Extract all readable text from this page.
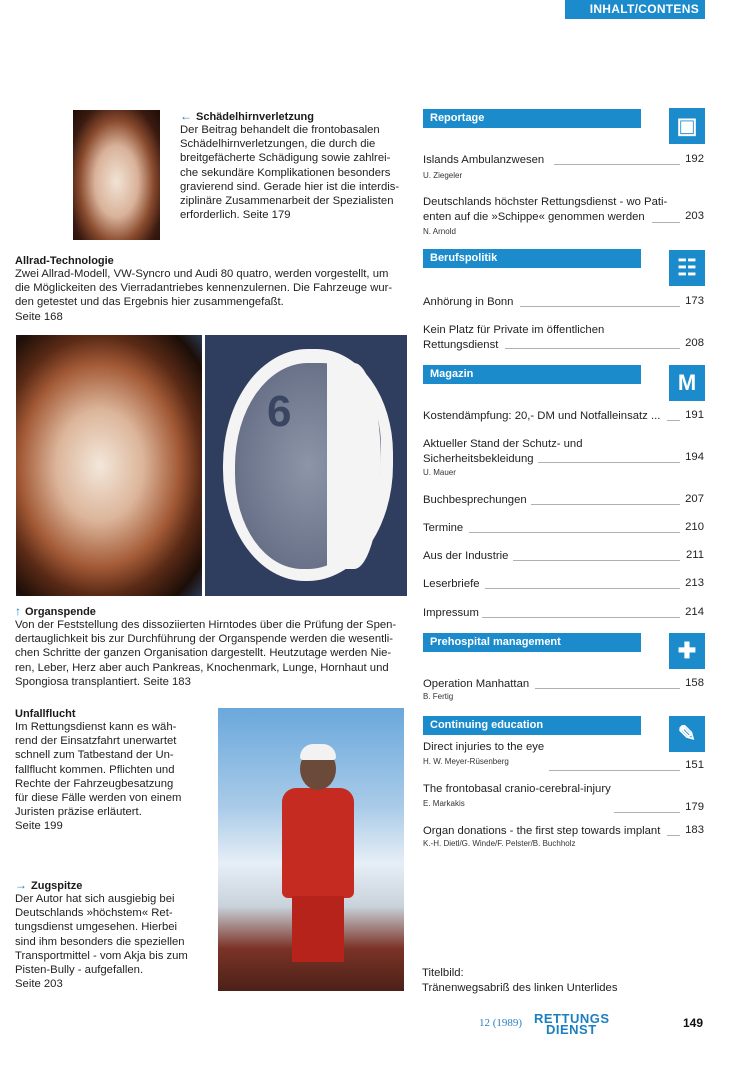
INHALT/CONTENS
← Schädelhirnverletzung
Der Beitrag behandelt die frontobasalen
Schädelhirnverletzungen, die durch die
breitgefächerte Schädigung sowie zahlrei-
che sekundäre Komplikationen besonders
gravierend sind. Gerade hier ist die interdis-
ziplinäre Zusammenarbeit der Spezialisten
erforderlich. Seite 179
Allrad-Technologie
Zwei Allrad-Modell, VW-Syncro und Audi 80 quatro, werden vorgestellt, um
die Möglickeiten des Vierradantriebes kennenzulernen. Die Fahrzeuge wur-
den getestet und das Ergebnis hier zusammengefaßt.
Seite 168
6
↑ Organspende
Von der Feststellung des dissoziierten Hirntodes über die Prüfung der Spen-
dertauglichkeit bis zur Durchführung der Organspende werden die wesentli-
chen Schritte der ganzen Organisation dargestellt. Heutzutage werden Nie-
ren, Leber, Herz aber auch Pankreas, Knochenmark, Lunge, Hornhaut und
Spongiosa transplantiert. Seite 183
Unfallflucht
Im Rettungsdienst kann es wäh-
rend der Einsatzfahrt unerwartet
schnell zum Tatbestand der Un-
fallflucht kommen. Pflichten und
Rechte der Fahrzeugbesatzung
für diese Fälle werden von einem
Juristen präzise erläutert.
Seite 199
→ Zugspitze
Der Autor hat sich ausgiebig bei
Deutschlands »höchstem« Ret-
tungsdienst umgesehen. Hierbei
sind ihm besonders die speziellen
Transportmittel - vom Akja bis zum
Pisten-Bully - aufgefallen.
Seite 203
Reportage	▣
Islands Ambulanzwesen	192
U. Ziegeler
Deutschlands höchster Rettungsdienst - wo Pati-
enten auf die »Schippe« genommen werden	203
N. Arnold
Berufspolitik	☷
Anhörung in Bonn	173
Kein Platz für Private im öffentlichen
Rettungsdienst	208
Magazin	M
Kostendämpfung: 20,- DM und Notfalleinsatz ...	191
Aktueller Stand der Schutz- und
Sicherheitsbekleidung	194
U. Mauer
Buchbesprechungen	207
Termine	210
Aus der Industrie	211
Leserbriefe	213
Impressum	214
Prehospital management	✚
Operation Manhattan	158
B. Fertig
Continuing education	✎
Direct injuries to the eye
H. W. Meyer-Rüsenberg	151
The frontobasal cranio-cerebral-injury
E. Markakis	179
Organ donations - the first step towards implant	183
K.-H. Dietl/G. Winde/F. Pelster/B. Buchholz
Titelbild:
Tränenwegsabriß des linken Unterlides
12 (1989) RETTUNGS
DIENST	149
